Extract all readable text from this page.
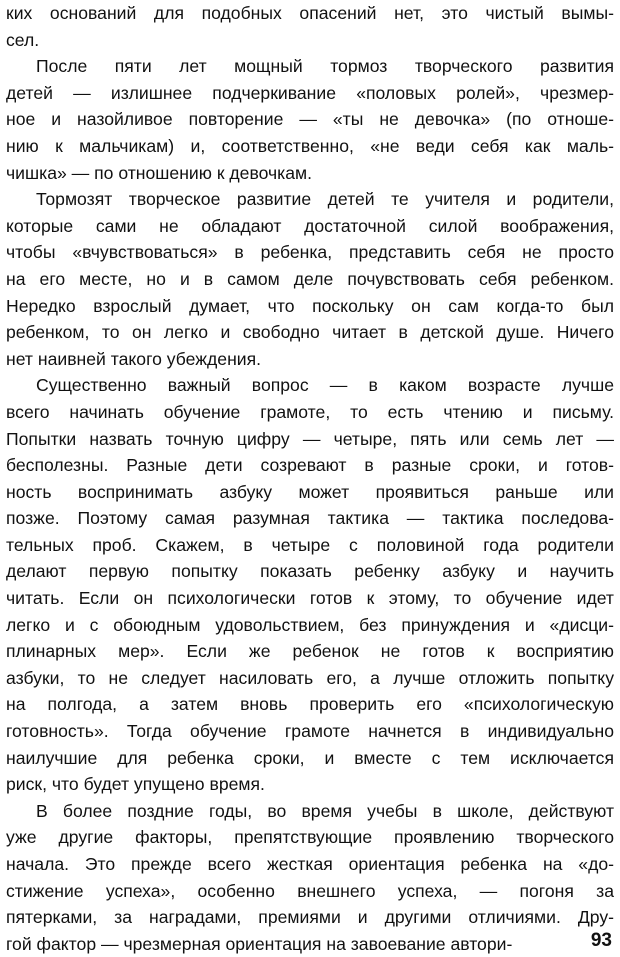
ких оснований для подобных опасений нет, это чистый вымы-
сел.
После пяти лет мощный тормоз творческого развития
детей — излишнее подчеркивание «половых ролей», чрезмер-
ное и назойливое повторение — «ты не девочка» (по отноше-
нию к мальчикам) и, соответственно, «не веди себя как маль-
чишка» — по отношению к девочкам.
Тормозят творческое развитие детей те учителя и родители,
которые сами не обладают достаточной силой воображения,
чтобы «вчувствоваться» в ребенка, представить себя не просто
на его месте, но и в самом деле почувствовать себя ребенком.
Нередко взрослый думает, что поскольку он сам когда-то был
ребенком, то он легко и свободно читает в детской душе. Ничего
нет наивней такого убеждения.
Существенно важный вопрос — в каком возрасте лучше
всего начинать обучение грамоте, то есть чтению и письму.
Попытки назвать точную цифру — четыре, пять или семь лет —
бесполезны. Разные дети созревают в разные сроки, и готов-
ность воспринимать азбуку может проявиться раньше или
позже. Поэтому самая разумная тактика — тактика последова-
тельных проб. Скажем, в четыре с половиной года родители
делают первую попытку показать ребенку азбуку и научить
читать. Если он психологически готов к этому, то обучение идет
легко и с обоюдным удовольствием, без принуждения и «дисци-
плинарных мер». Если же ребенок не готов к восприятию
азбуки, то не следует насиловать его, а лучше отложить попытку
на полгода, а затем вновь проверить его «психологическую
готовность». Тогда обучение грамоте начнется в индивидуально
наилучшие для ребенка сроки, и вместе с тем исключается
риск, что будет упущено время.
В более поздние годы, во время учебы в школе, действуют
уже другие факторы, препятствующие проявлению творческого
начала. Это прежде всего жесткая ориентация ребенка на «до-
стижение успеха», особенно внешнего успеха, — погоня за
пятерками, за наградами, премиями и другими отличиями. Дру-
гой фактор — чрезмерная ориентация на завоевание автори-	93
